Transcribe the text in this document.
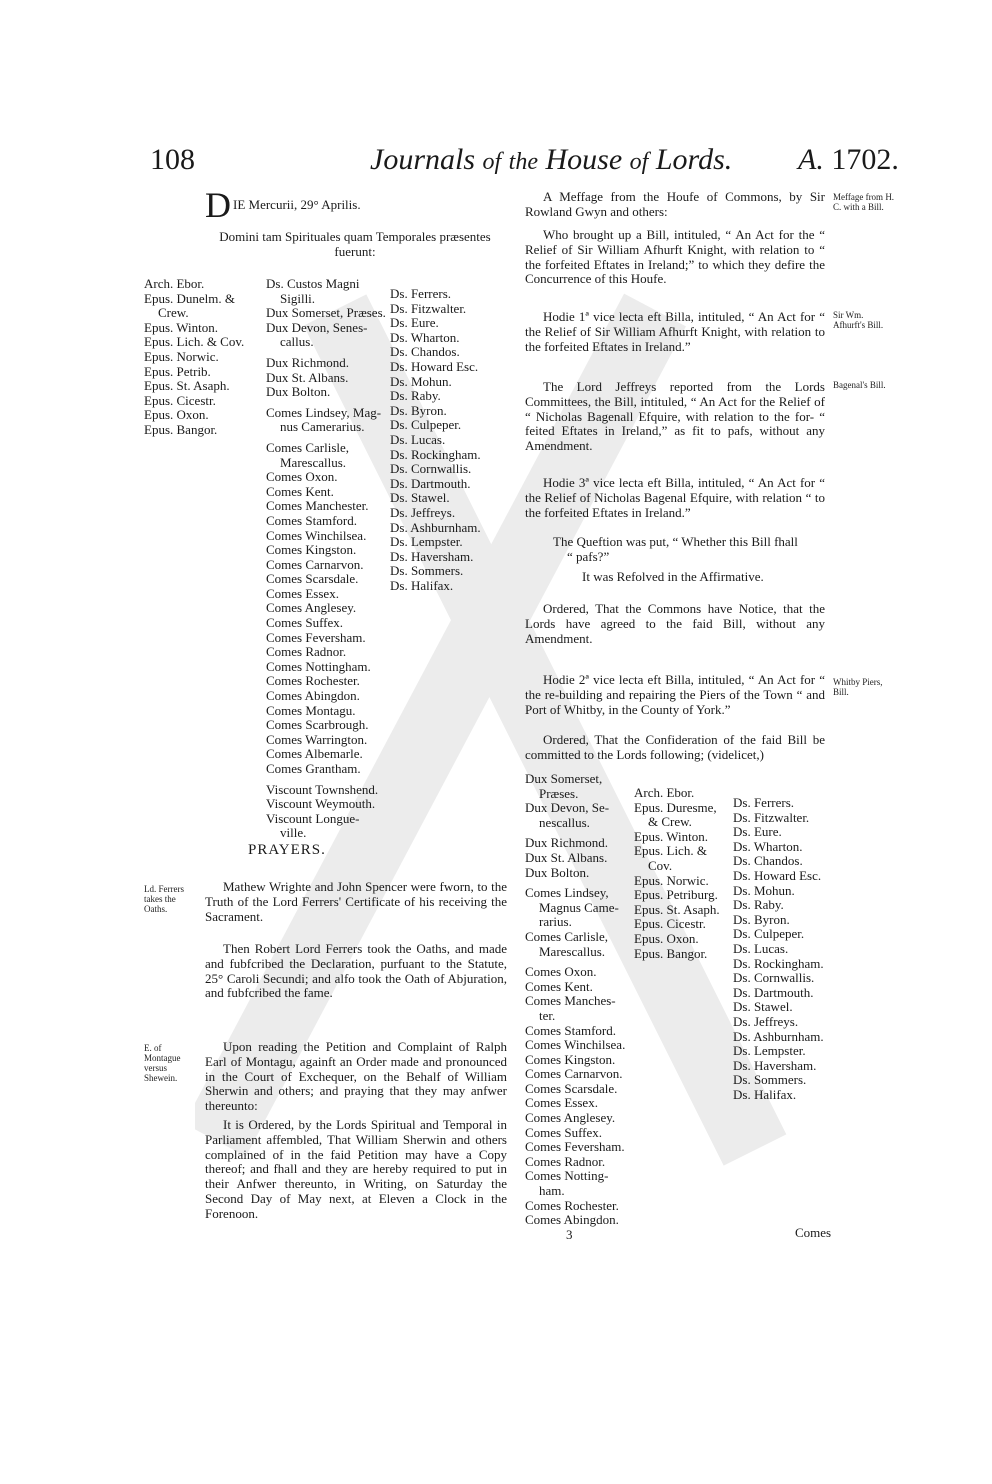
108	Journals of the House of Lords.	A. 1702.
D IE Mercurii, 29° Aprilis.
Domini tam Spirituales quam Temporales præsentes
fuerunt:
Arch. Ebor.
Epus. Dunelm. &
Crew.
Epus. Winton.
Epus. Lich. & Cov.
Epus. Norwic.
Epus. Petrib.
Epus. St. Asaph.
Epus. Cicestr.
Epus. Oxon.
Epus. Bangor.
Ds. Custos Magni
Sigilli.
Dux Somerset, Præses.
Dux Devon, Senes-
callus.
Dux Richmond.
Dux St. Albans.
Dux Bolton.
Comes Lindsey, Mag-
nus Camerarius.
Comes Carlisle,
Marescallus.
Comes Oxon.
Comes Kent.
Comes Manchester.
Comes Stamford.
Comes Winchilsea.
Comes Kingston.
Comes Carnarvon.
Comes Scarsdale.
Comes Essex.
Comes Anglesey.
Comes Suffex.
Comes Feversham.
Comes Radnor.
Comes Nottingham.
Comes Rochester.
Comes Abingdon.
Comes Montagu.
Comes Scarbrough.
Comes Warrington.
Comes Albemarle.
Comes Grantham.
Viscount Townshend.
Viscount Weymouth.
Viscount Longue-
ville.
Ds. Ferrers.
Ds. Fitzwalter.
Ds. Eure.
Ds. Wharton.
Ds. Chandos.
Ds. Howard Esc.
Ds. Mohun.
Ds. Raby.
Ds. Byron.
Ds. Culpeper.
Ds. Lucas.
Ds. Rockingham.
Ds. Cornwallis.
Ds. Dartmouth.
Ds. Stawel.
Ds. Jeffreys.
Ds. Ashburnham.
Ds. Lempster.
Ds. Haversham.
Ds. Sommers.
Ds. Halifax.
PRAYERS.
Ld. Ferrers takes the Oaths.
Mathew Wrighte and John Spencer were fworn, to the Truth of the Lord Ferrers' Certificate of his receiving the Sacrament.
Then Robert Lord Ferrers took the Oaths, and made and fubfcribed the Declaration, purfuant to the Statute, 25° Caroli Secundi; and alfo took the Oath of Abjuration, and fubfcribed the fame.
E. of Montague versus Shewein.
Upon reading the Petition and Complaint of Ralph Earl of Montagu, againft an Order made and pronounced in the Court of Exchequer, on the Behalf of William Sherwin and others; and praying that they may anfwer thereunto:
It is Ordered, by the Lords Spiritual and Temporal in Parliament affembled, That William Sherwin and others complained of in the faid Petition may have a Copy thereof; and fhall and they are hereby required to put in their Anfwer thereunto, in Writing, on Saturday the Second Day of May next, at Eleven a Clock in the Forenoon.
A Meffage from the Houfe of Commons, by Sir Rowland Gwyn and others:
Meffage from H. C. with a Bill.
Who brought up a Bill, intituled, “ An Act for the “ Relief of Sir William Afhurft Knight, with relation to “ the forfeited Eftates in Ireland;” to which they defire the Concurrence of this Houfe.
Sir Wm. Afhurft's Bill.
Hodie 1ª vice lecta eft Billa, intituled, “ An Act for “ the Relief of Sir William Afhurft Knight, with relation to the forfeited Eftates in Ireland.”
Bagenal's Bill.
The Lord Jeffreys reported from the Lords Committees, the Bill, intituled, “ An Act for the Relief of “ Nicholas Bagenall Efquire, with relation to the for- “ feited Eftates in Ireland,” as fit to pafs, without any Amendment.
Hodie 3ª vice lecta eft Billa, intituled, “ An Act for “ the Relief of Nicholas Bagenal Efquire, with relation “ to the forfeited Eftates in Ireland.”
The Queftion was put, “ Whether this Bill fhall
“ pafs?”
It was Refolved in the Affirmative.
Ordered, That the Commons have Notice, that the Lords have agreed to the faid Bill, without any Amendment.
Whitby Piers, Bill.
Hodie 2ª vice lecta eft Billa, intituled, “ An Act for “ the re-building and repairing the Piers of the Town “ and Port of Whitby, in the County of York.”
Ordered, That the Confideration of the faid Bill be committed to the Lords following; (videlicet,)
Dux Somerset,
Præses.
Dux Devon, Se-
nescallus.
Dux Richmond.
Dux St. Albans.
Dux Bolton.
Comes Lindsey,
Magnus Came-
rarius.
Comes Carlisle,
Marescallus.
Comes Oxon.
Comes Kent.
Comes Manches-
ter.
Comes Stamford.
Comes Winchilsea.
Comes Kingston.
Comes Carnarvon.
Comes Scarsdale.
Comes Essex.
Comes Anglesey.
Comes Suffex.
Comes Feversham.
Comes Radnor.
Comes Notting-
ham.
Comes Rochester.
Comes Abingdon.
Arch. Ebor.
Epus. Duresme,
& Crew.
Epus. Winton.
Epus. Lich. &
Cov.
Epus. Norwic.
Epus. Petriburg.
Epus. St. Asaph.
Epus. Cicestr.
Epus. Oxon.
Epus. Bangor.
Ds. Ferrers.
Ds. Fitzwalter.
Ds. Eure.
Ds. Wharton.
Ds. Chandos.
Ds. Howard Esc.
Ds. Mohun.
Ds. Raby.
Ds. Byron.
Ds. Culpeper.
Ds. Lucas.
Ds. Rockingham.
Ds. Cornwallis.
Ds. Dartmouth.
Ds. Stawel.
Ds. Jeffreys.
Ds. Ashburnham.
Ds. Lempster.
Ds. Haversham.
Ds. Sommers.
Ds. Halifax.
3	Comes
